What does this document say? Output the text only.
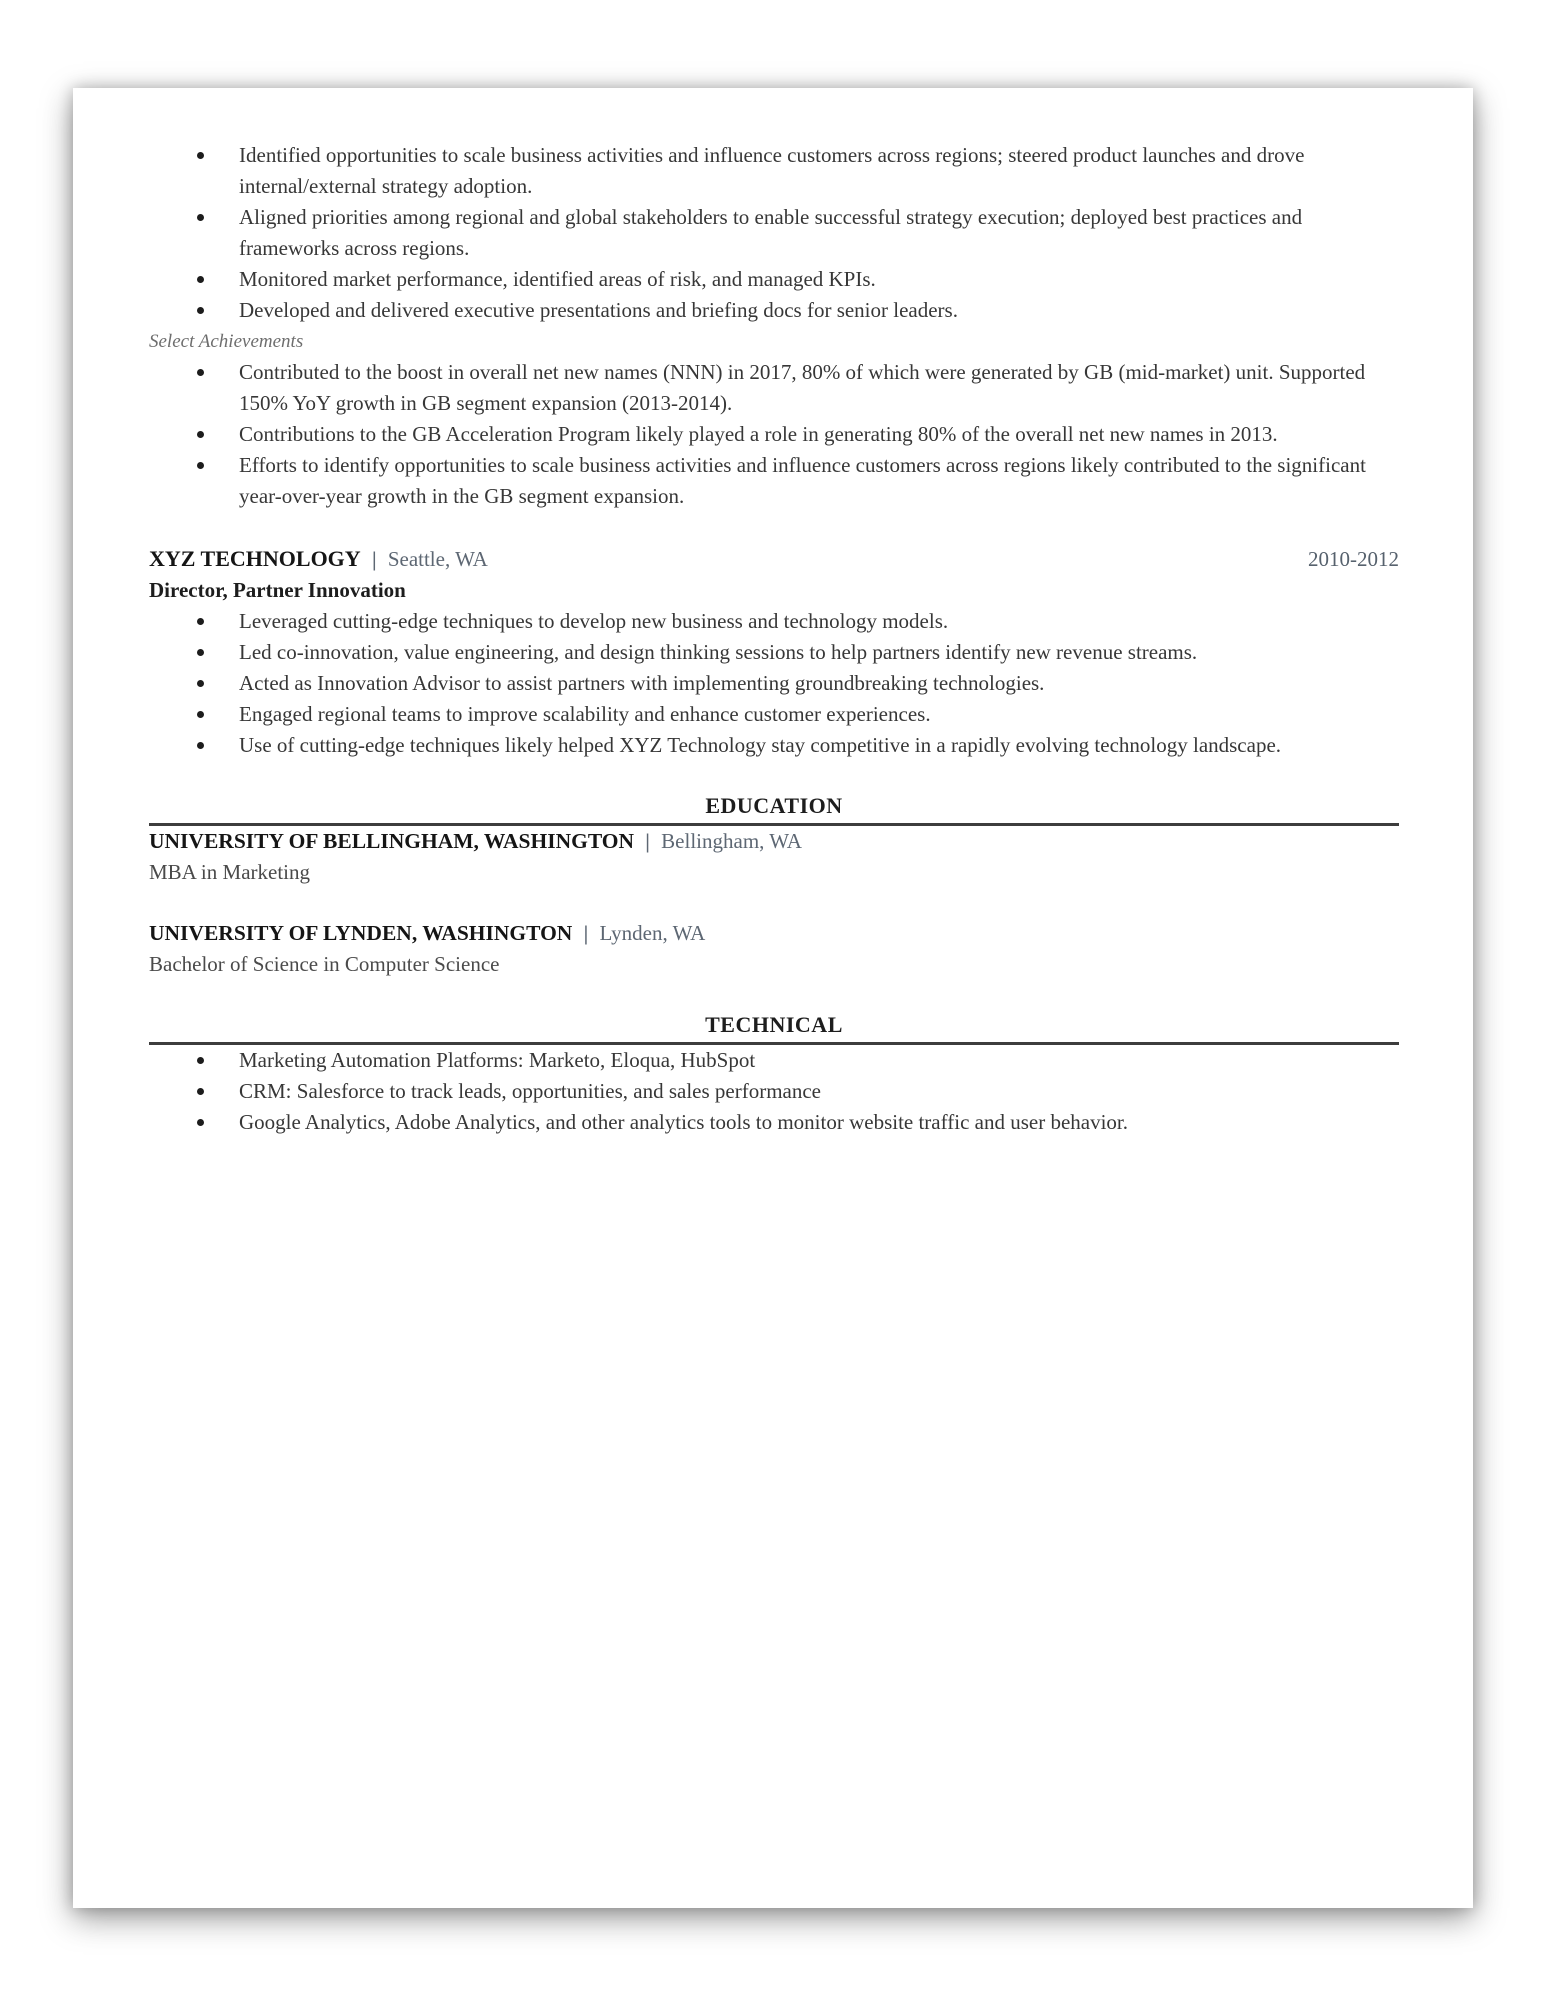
Identified opportunities to scale business activities and influence customers across regions; steered product launches and drove internal/external strategy adoption.
Aligned priorities among regional and global stakeholders to enable successful strategy execution; deployed best practices and frameworks across regions.
Monitored market performance, identified areas of risk, and managed KPIs.
Developed and delivered executive presentations and briefing docs for senior leaders.
Select Achievements
Contributed to the boost in overall net new names (NNN) in 2017, 80% of which were generated by GB (mid-market) unit. Supported 150% YoY growth in GB segment expansion (2013-2014).
Contributions to the GB Acceleration Program likely played a role in generating 80% of the overall net new names in 2013.
Efforts to identify opportunities to scale business activities and influence customers across regions likely contributed to the significant year-over-year growth in the GB segment expansion.
XYZ TECHNOLOGY | Seattle, WA	2010-2012
Director, Partner Innovation
Leveraged cutting-edge techniques to develop new business and technology models.
Led co-innovation, value engineering, and design thinking sessions to help partners identify new revenue streams.
Acted as Innovation Advisor to assist partners with implementing groundbreaking technologies.
Engaged regional teams to improve scalability and enhance customer experiences.
Use of cutting-edge techniques likely helped XYZ Technology stay competitive in a rapidly evolving technology landscape.
EDUCATION
UNIVERSITY OF BELLINGHAM, WASHINGTON | Bellingham, WA
MBA in Marketing
UNIVERSITY OF LYNDEN, WASHINGTON | Lynden, WA
Bachelor of Science in Computer Science
TECHNICAL
Marketing Automation Platforms: Marketo, Eloqua, HubSpot
CRM: Salesforce to track leads, opportunities, and sales performance
Google Analytics, Adobe Analytics, and other analytics tools to monitor website traffic and user behavior.
